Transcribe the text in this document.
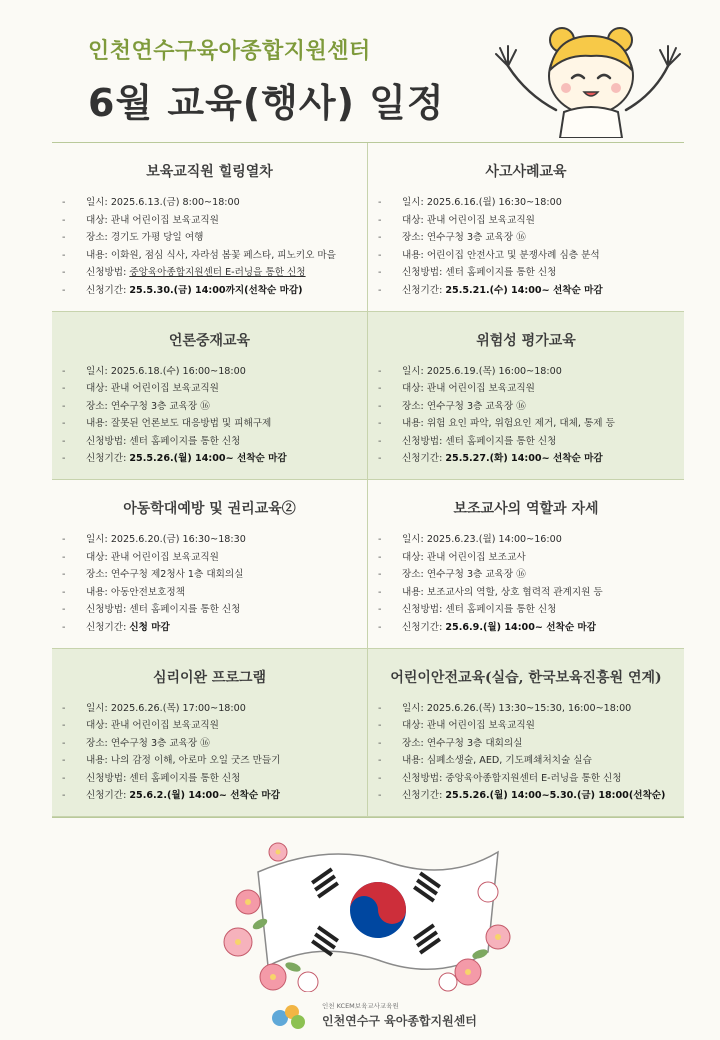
인천연수구육아종합지원센터
6월 교육(행사) 일정
보육교직원 힐링열차
-	일시: 2025.6.13.(금) 8:00~18:00
-	대상: 관내 어린이집 보육교직원
-	장소: 경기도 가평 당일 여행
-	내용: 이화원, 점심 식사, 자라섬 봄꽃 페스타, 피노키오 마을
-	신청방법: 중앙육아종합지원센터 E-러닝을 통한 신청
-	신청기간: 25.5.30.(금) 14:00까지(선착순 마감)
사고사례교육
-	일시: 2025.6.16.(월) 16:30~18:00
-	대상: 관내 어린이집 보육교직원
-	장소: 연수구청 3층 교육장 ⑯
-	내용: 어린이집 안전사고 및 분쟁사례 심층 분석
-	신청방법: 센터 홈페이지를 통한 신청
-	신청기간: 25.5.21.(수) 14:00~ 선착순 마감
언론중재교육
-	일시: 2025.6.18.(수) 16:00~18:00
-	대상: 관내 어린이집 보육교직원
-	장소: 연수구청 3층 교육장 ⑯
-	내용: 잘못된 언론보도 대응방법 및 피해구제
-	신청방법: 센터 홈페이지를 통한 신청
-	신청기간: 25.5.26.(월) 14:00~ 선착순 마감
위험성 평가교육
-	일시: 2025.6.19.(목) 16:00~18:00
-	대상: 관내 어린이집 보육교직원
-	장소: 연수구청 3층 교육장 ⑯
-	내용: 위험 요인 파악, 위험요인 제거, 대체, 통제 등
-	신청방법: 센터 홈페이지를 통한 신청
-	신청기간: 25.5.27.(화) 14:00~ 선착순 마감
아동학대예방 및 권리교육②
-	일시: 2025.6.20.(금) 16:30~18:30
-	대상: 관내 어린이집 보육교직원
-	장소: 연수구청 제2청사 1층 대회의실
-	내용: 아동안전보호정책
-	신청방법: 센터 홈페이지를 통한 신청
-	신청기간: 신청 마감
보조교사의 역할과 자세
-	일시: 2025.6.23.(월) 14:00~16:00
-	대상: 관내 어린이집 보조교사
-	장소: 연수구청 3층 교육장 ⑯
-	내용: 보조교사의 역할, 상호 협력적 관계지원 등
-	신청방법: 센터 홈페이지를 통한 신청
-	신청기간: 25.6.9.(월) 14:00~ 선착순 마감
심리이완 프로그램
-	일시: 2025.6.26.(목) 17:00~18:00
-	대상: 관내 어린이집 보육교직원
-	장소: 연수구청 3층 교육장 ⑯
-	내용: 나의 감정 이해, 아로마 오일 굿즈 만들기
-	신청방법: 센터 홈페이지를 통한 신청
-	신청기간: 25.6.2.(월) 14:00~ 선착순 마감
어린이안전교육(실습, 한국보육진흥원 연계)
-	일시: 2025.6.26.(목) 13:30~15:30, 16:00~18:00
-	대상: 관내 어린이집 보육교직원
-	장소: 연수구청 3층 대회의실
-	내용: 심폐소생술, AED, 기도폐쇄처치술 실습
-	신청방법: 중앙육아종합지원센터 E-러닝을 통한 신청
-	신청기간: 25.5.26.(월) 14:00~5.30.(금) 18:00(선착순)
인천 KCEM보육교사교육원
인천연수구 육아종합지원센터
